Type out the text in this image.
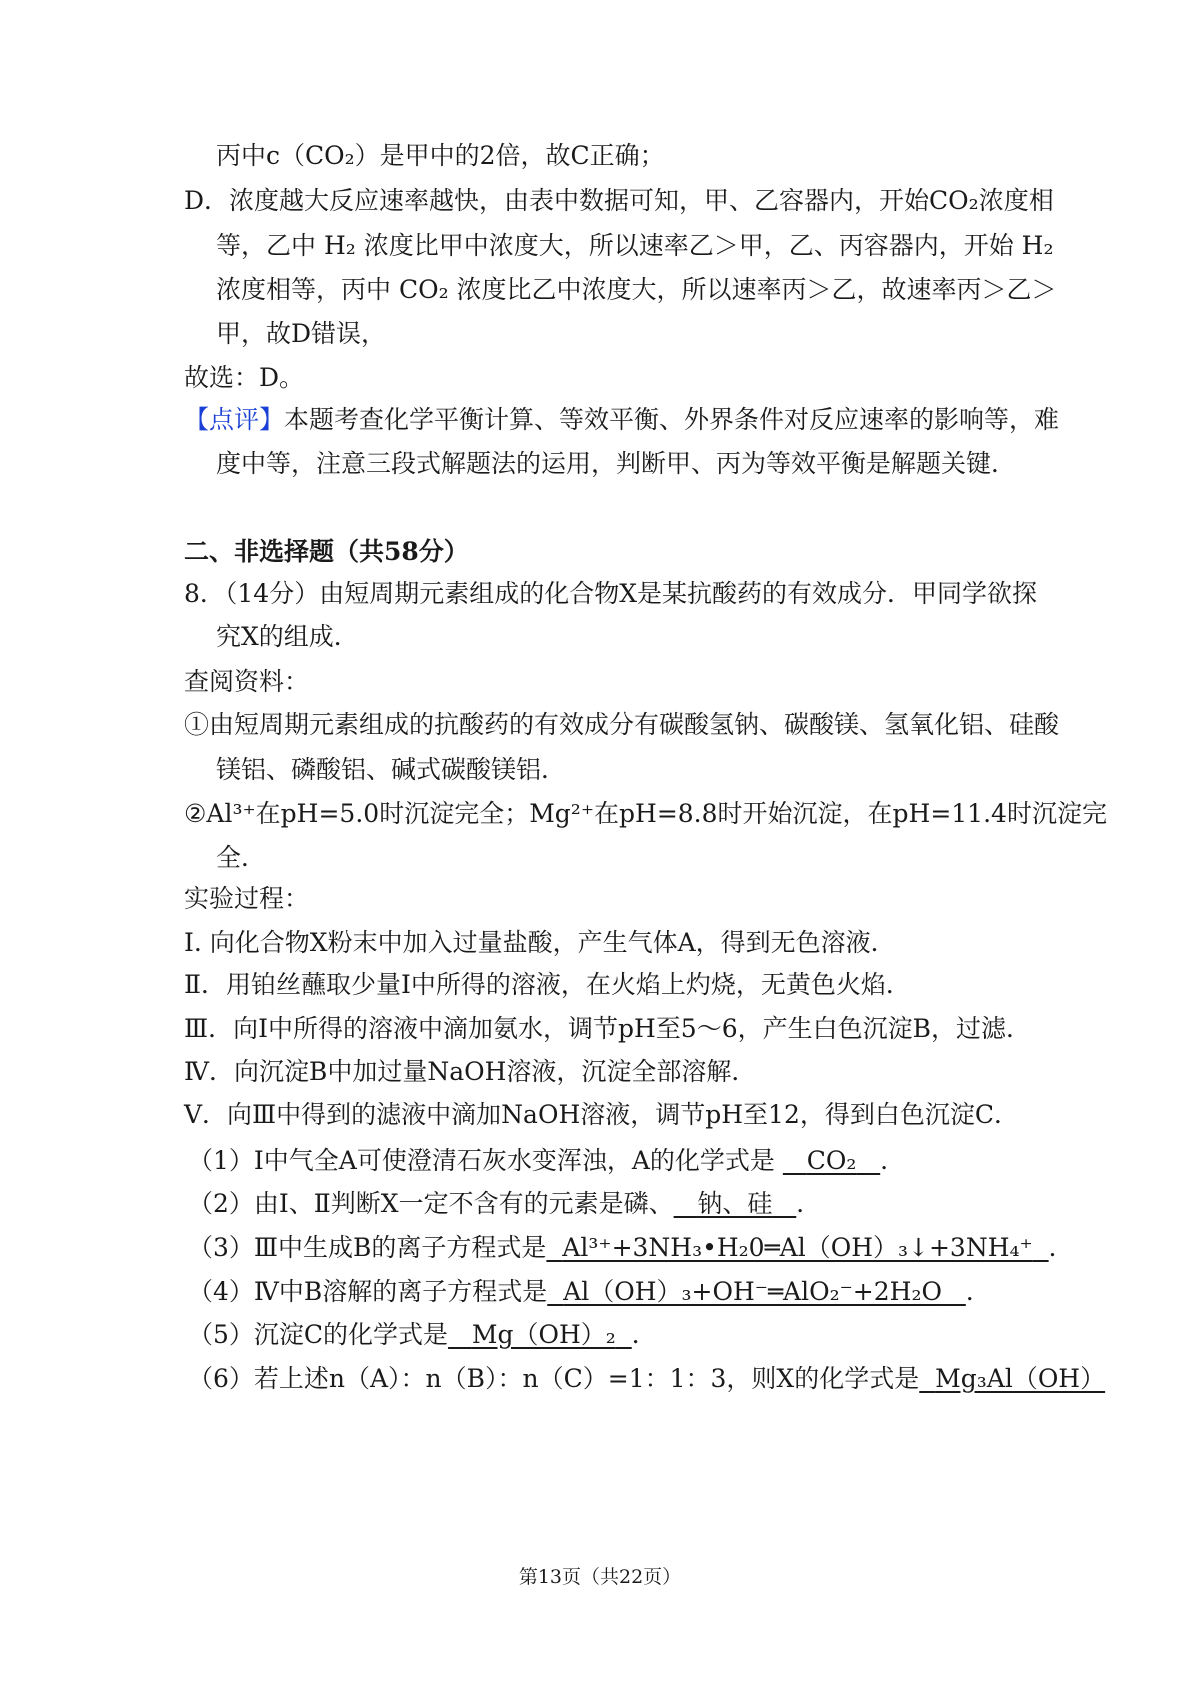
丙中c（CO₂）是甲中的2倍，故C正确；
D．浓度越大反应速率越快，由表中数据可知，甲、乙容器内，开始CO₂浓度相
等，乙中 H₂ 浓度比甲中浓度大，所以速率乙＞甲，乙、丙容器内，开始 H₂
浓度相等，丙中 CO₂ 浓度比乙中浓度大，所以速率丙＞乙，故速率丙＞乙＞
甲，故D错误，
故选：D。
【点评】本题考查化学平衡计算、等效平衡、外界条件对反应速率的影响等，难
度中等，注意三段式解题法的运用，判断甲、丙为等效平衡是解题关键．
二、非选择题（共58分）
8．（14分）由短周期元素组成的化合物X是某抗酸药的有效成分．甲同学欲探
究X的组成．
查阅资料：
①由短周期元素组成的抗酸药的有效成分有碳酸氢钠、碳酸镁、氢氧化铝、硅酸
镁铝、磷酸铝、碱式碳酸镁铝．
②Al³⁺在pH=5.0时沉淀完全；Mg²⁺在pH=8.8时开始沉淀，在pH=11.4时沉淀完
全．
实验过程：
I. 向化合物X粉末中加入过量盐酸，产生气体A，得到无色溶液．
Ⅱ．用铂丝蘸取少量I中所得的溶液，在火焰上灼烧，无黄色火焰．
Ⅲ．向I中所得的溶液中滴加氨水，调节pH至5～6，产生白色沉淀B，过滤．
Ⅳ．向沉淀B中加过量NaOH溶液，沉淀全部溶解．
Ⅴ．向Ⅲ中得到的滤液中滴加NaOH溶液，调节pH至12，得到白色沉淀C．
（1）I中气全A可使澄清石灰水变浑浊，A的化学式是 CO₂ ．
（2）由I、Ⅱ判断X一定不含有的元素是磷、 钠、硅 ．
（3）Ⅲ中生成B的离子方程式是 Al³⁺+3NH₃•H₂0═Al（OH）₃↓+3NH₄⁺ ．
（4）Ⅳ中B溶解的离子方程式是 Al（OH）₃+OH⁻═AlO₂⁻+2H₂O ．
（5）沉淀C的化学式是 Mg（OH）₂ ．
（6）若上述n（A）：n（B）：n（C）=1：1：3，则X的化学式是 Mg₃Al（OH）
第13页（共22页）
